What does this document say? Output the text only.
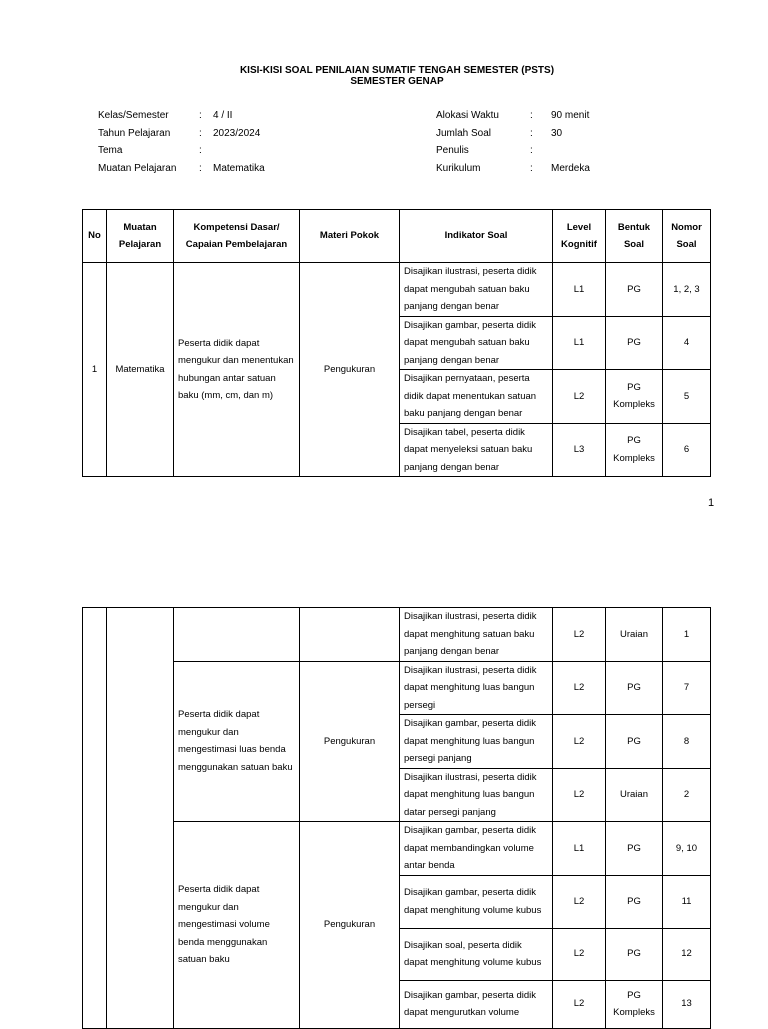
KISI-KISI SOAL PENILAIAN SUMATIF TENGAH SEMESTER (PSTS)
SEMESTER GENAP
Kelas/Semester	: 4 / II
Tahun Pelajaran	: 2023/2024
Tema	:
Muatan Pelajaran : Matematika
Alokasi Waktu	: 90 menit
Jumlah Soal	: 30
Penulis	:
Kurikulum	: Merdeka
No	Muatan Pelajaran	Kompetensi Dasar/ Capaian Pembelajaran	Materi Pokok	Indikator Soal	Level Kognitif	Bentuk Soal	Nomor Soal
1	Matematika	Peserta didik dapat mengukur dan menentukan hubungan antar satuan baku (mm, cm, dan m)	Pengukuran	Disajikan ilustrasi, peserta didik dapat mengubah satuan baku panjang dengan benar	L1	PG	1, 2, 3
				Disajikan gambar, peserta didik dapat mengubah satuan baku panjang dengan benar	L1	PG	4
				Disajikan pernyataan, peserta didik dapat menentukan satuan baku panjang dengan benar	L2	PG Kompleks	5
				Disajikan tabel, peserta didik dapat menyeleksi satuan baku panjang dengan benar	L3	PG Kompleks	6
1
				Disajikan ilustrasi, peserta didik dapat menghitung satuan baku panjang dengan benar	L2	Uraian	1
		Peserta didik dapat mengukur dan mengestimasi luas benda menggunakan satuan baku	Pengukuran	Disajikan ilustrasi, peserta didik dapat menghitung luas bangun persegi	L2	PG	7
				Disajikan gambar, peserta didik dapat menghitung luas bangun persegi panjang	L2	PG	8
				Disajikan ilustrasi, peserta didik dapat menghitung luas bangun datar persegi panjang	L2	Uraian	2
		Peserta didik dapat mengukur dan mengestimasi volume benda menggunakan satuan baku	Pengukuran	Disajikan gambar, peserta didik dapat membandingkan volume antar benda	L1	PG	9, 10
				Disajikan gambar, peserta didik dapat menghitung volume kubus	L2	PG	11
				Disajikan soal, peserta didik dapat menghitung volume kubus	L2	PG	12
				Disajikan gambar, peserta didik dapat mengurutkan volume	L2	PG Kompleks	13
